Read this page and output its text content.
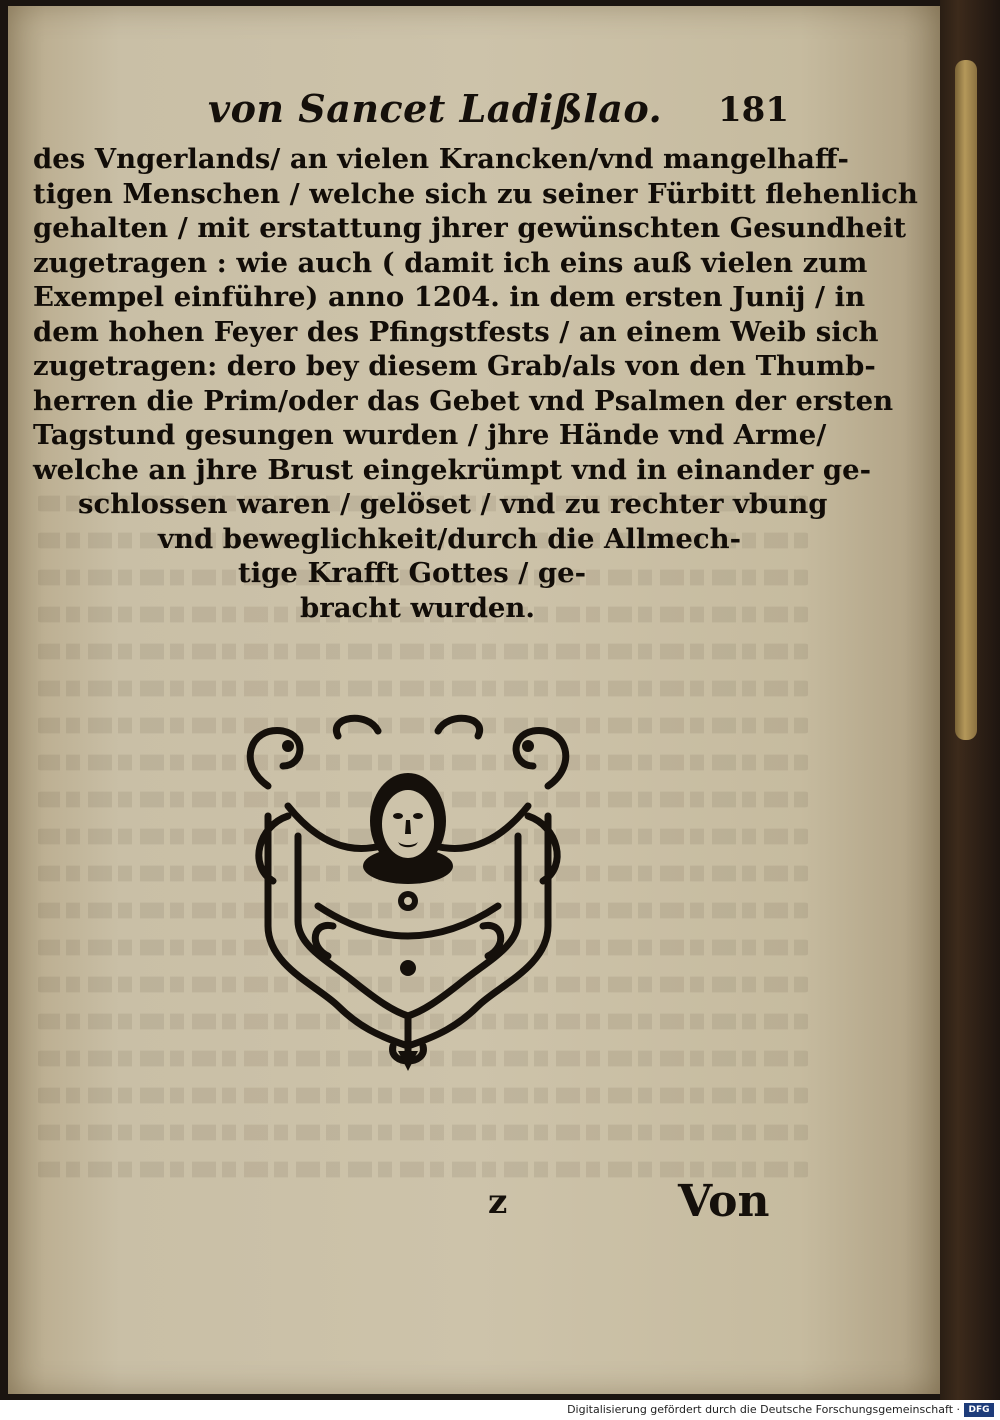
von Sancet Ladißlao. 181
des Vngerlands/ an vielen Krancken/vnd mangelhaff-
tigen Menschen / welche sich zu seiner Fürbitt flehenlich
gehalten / mit erstattung jhrer gewünschten Gesundheit
zugetragen : wie auch ( damit ich eins auß vielen zum
Exempel einführe) anno 1204. in dem ersten Junij / in
dem hohen Feyer des Pfingstfests / an einem Weib sich
zugetragen: dero bey diesem Grab/als von den Thumb-
herren die Prim/oder das Gebet vnd Psalmen der ersten
Tagstund gesungen wurden / jhre Hände vnd Arme/
welche an jhre Brust eingekrümpt vnd in einander ge-
schlossen waren / gelöset / vnd zu rechter vbung
vnd beweglichkeit/durch die Allmech-
tige Krafft Gottes / ge-
bracht wurden.
z	Von
Digitalisierung gefördert durch die Deutsche Forschungsgemeinschaft · DFG
